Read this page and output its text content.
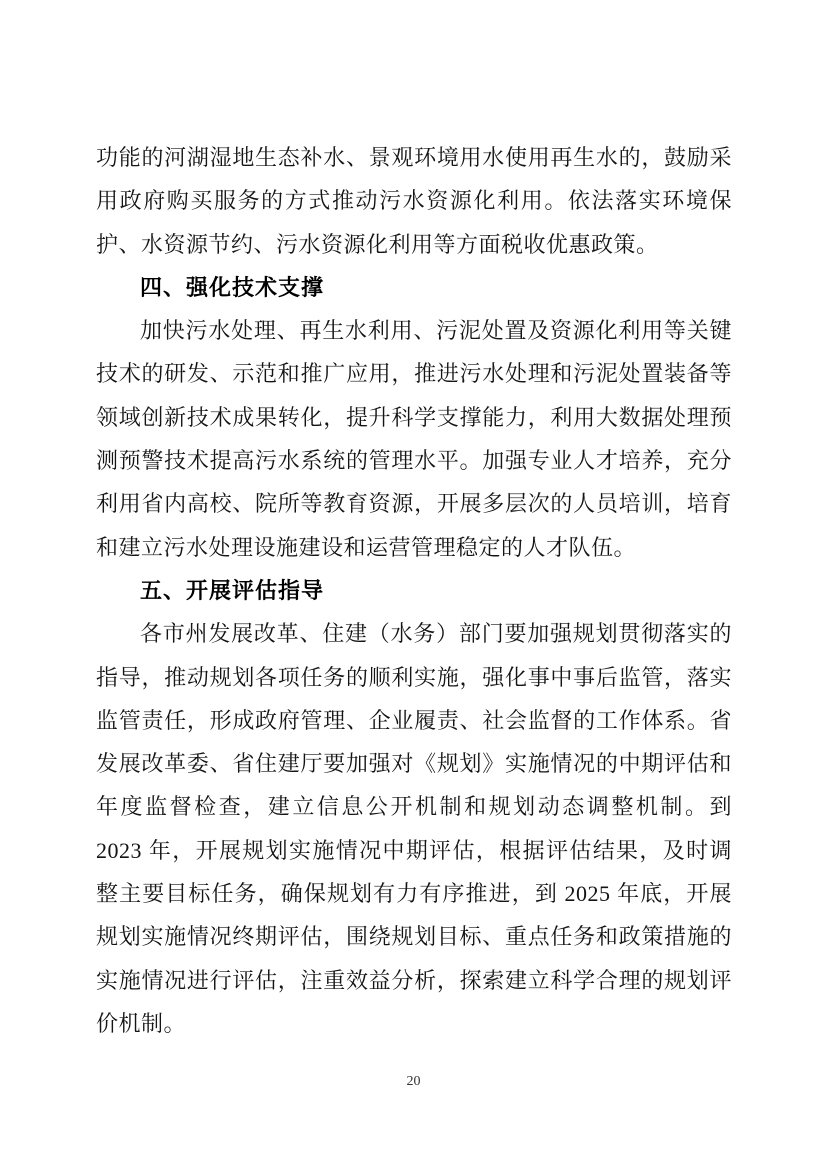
功能的河湖湿地生态补水、景观环境用水使用再生水的，鼓励采用政府购买服务的方式推动污水资源化利用。依法落实环境保护、水资源节约、污水资源化利用等方面税收优惠政策。

四、强化技术支撑

加快污水处理、再生水利用、污泥处置及资源化利用等关键技术的研发、示范和推广应用，推进污水处理和污泥处置装备等领域创新技术成果转化，提升科学支撑能力，利用大数据处理预测预警技术提高污水系统的管理水平。加强专业人才培养，充分利用省内高校、院所等教育资源，开展多层次的人员培训，培育和建立污水处理设施建设和运营管理稳定的人才队伍。

五、开展评估指导

各市州发展改革、住建（水务）部门要加强规划贯彻落实的指导，推动规划各项任务的顺利实施，强化事中事后监管，落实监管责任，形成政府管理、企业履责、社会监督的工作体系。省发展改革委、省住建厅要加强对《规划》实施情况的中期评估和年度监督检查，建立信息公开机制和规划动态调整机制。到 2023 年，开展规划实施情况中期评估，根据评估结果，及时调整主要目标任务，确保规划有力有序推进，到 2025 年底，开展规划实施情况终期评估，围绕规划目标、重点任务和政策措施的实施情况进行评估，注重效益分析，探索建立科学合理的规划评价机制。

20
